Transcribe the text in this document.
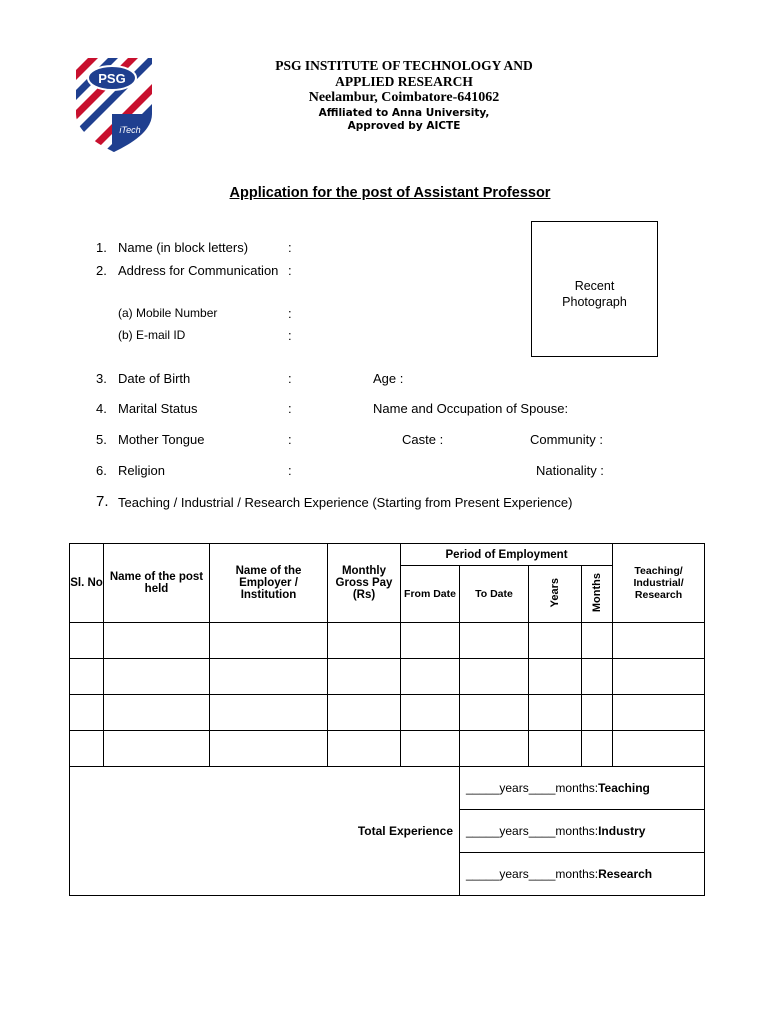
PSG
iTech
PSG INSTITUTE OF TECHNOLOGY AND
APPLIED RESEARCH
Neelambur, Coimbatore-641062
Affiliated to Anna University,
Approved by AICTE
Application for the post of Assistant Professor
Recent
Photograph
1. Name (in block letters)	:
2. Address for Communication :
(a) Mobile Number	:
(b) E-mail ID	:
3. Date of Birth	:	Age :
4. Marital Status	:	Name and Occupation of Spouse:
5. Mother Tongue	:	Caste :	Community :
6. Religion	:	Nationality :
7. Teaching / Industrial / Research Experience (Starting from Present Experience)
Sl. No	Name of the post held	Name of the Employer / Institution	Monthly Gross Pay (Rs)	Period of Employment				Teaching/ Industrial/ Research
				From Date	To Date	Years	Months	

Total Experience					_____years____months:Teaching			
					_____years____months:Industry			
					_____years____months:Research			
